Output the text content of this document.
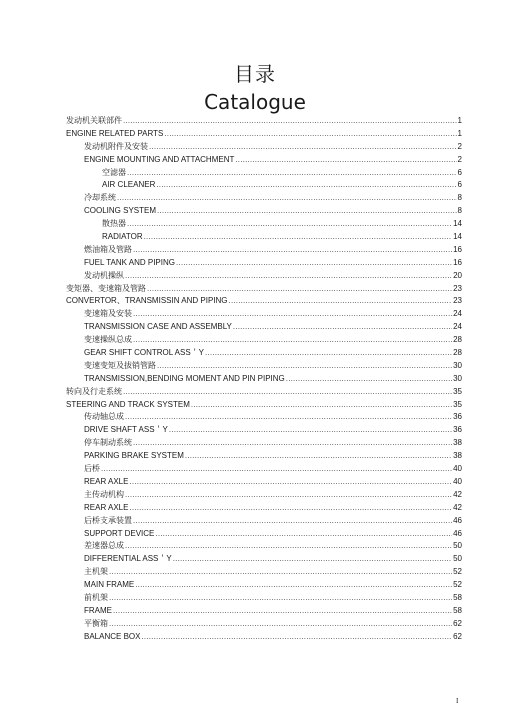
目录
Catalogue
发动机关联部件 .....	1
ENGINE RELATED PARTS .....	1
发动机附件及安装 .....	2
ENGINE MOUNTING AND ATTACHMENT .....	2
空滤器 .....	6
AIR CLEANER .....	6
冷却系统 .....	8
COOLING SYSTEM .....	8
散热器 .....	14
RADIATOR .....	14
燃油箱及管路 .....	16
FUEL TANK AND PIPING .....	16
发动机操纵 .....	20
变矩器、变速箱及管路 .....	23
CONVERTOR、TRANSMISSIN AND PIPING .....	23
变速箱及安装 .....	24
TRANSMISSION CASE AND ASSEMBLY .....	24
变速操纵总成 .....	28
GEAR SHIFT CONTROL ASS＇Y .....	28
变速变矩及拔销管路 .....	30
TRANSMISSION,BENDING MOMENT AND PIN PIPING .....	30
转向及行走系统 .....	35
STEERING AND TRACK SYSTEM .....	35
传动轴总成 .....	36
DRIVE SHAFT ASS＇Y .....	36
停车制动系统 .....	38
PARKING BRAKE SYSTEM .....	38
后桥 .....	40
REAR AXLE .....	40
主传动机构 .....	42
REAR AXLE .....	42
后桥支承装置 .....	46
SUPPORT DEVICE .....	46
差速器总成 .....	50
DIFFERENTIAL ASS＇Y .....	50
主机架 .....	52
MAIN FRAME .....	52
前机架 .....	58
FRAME .....	58
平衡箱 .....	62
BALANCE BOX .....	62
I
